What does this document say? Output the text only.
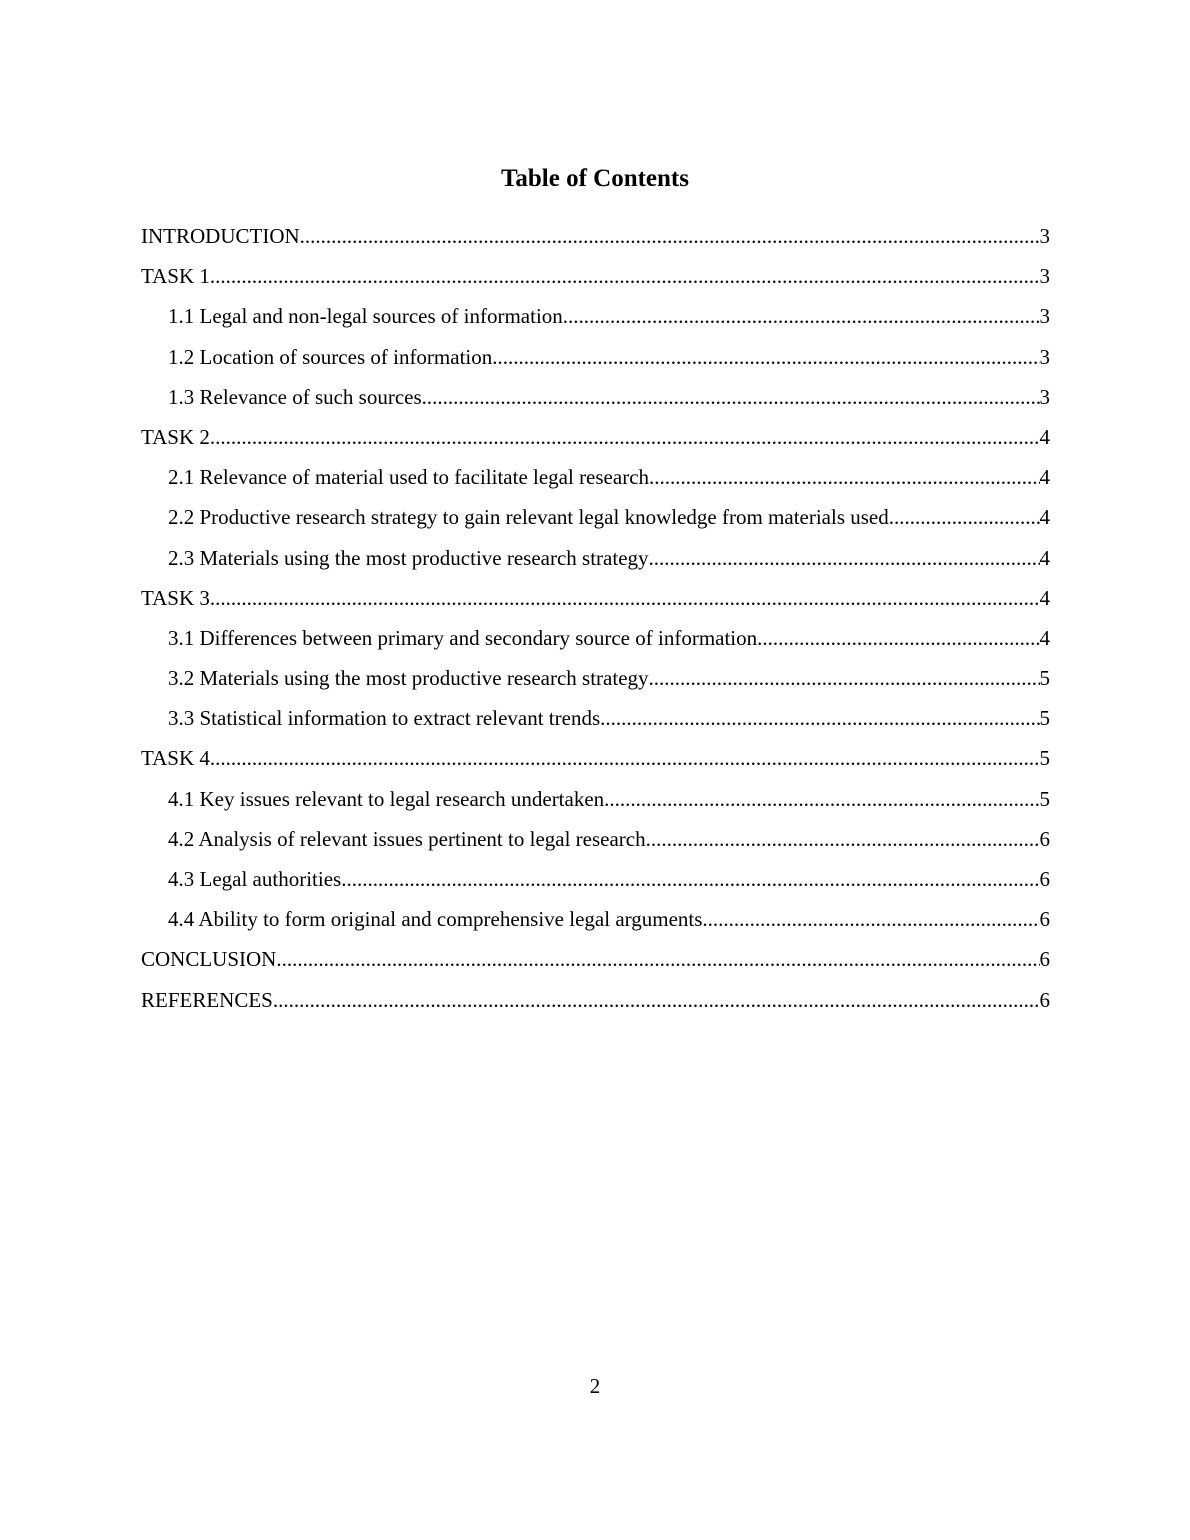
Table of Contents
INTRODUCTION .....	3
TASK 1 .....	3
1.1 Legal and non-legal sources of information .....	3
1.2 Location of sources of information .....	3
1.3 Relevance of such sources .....	3
TASK 2 .....	4
2.1 Relevance of material used to facilitate legal research .....	4
2.2 Productive research strategy to gain relevant legal knowledge from materials used .....	4
2.3 Materials using the most productive research strategy .....	4
TASK 3 .....	4
3.1 Differences between primary and secondary source of information .....	4
3.2 Materials using the most productive research strategy .....	5
3.3 Statistical information to extract relevant trends .....	5
TASK 4 .....	5
4.1 Key issues relevant to legal research undertaken .....	5
4.2 Analysis of relevant issues pertinent to legal research .....	6
4.3 Legal authorities .....	6
4.4 Ability to form original and comprehensive legal arguments .....	6
CONCLUSION .....	6
REFERENCES .....	6
2
